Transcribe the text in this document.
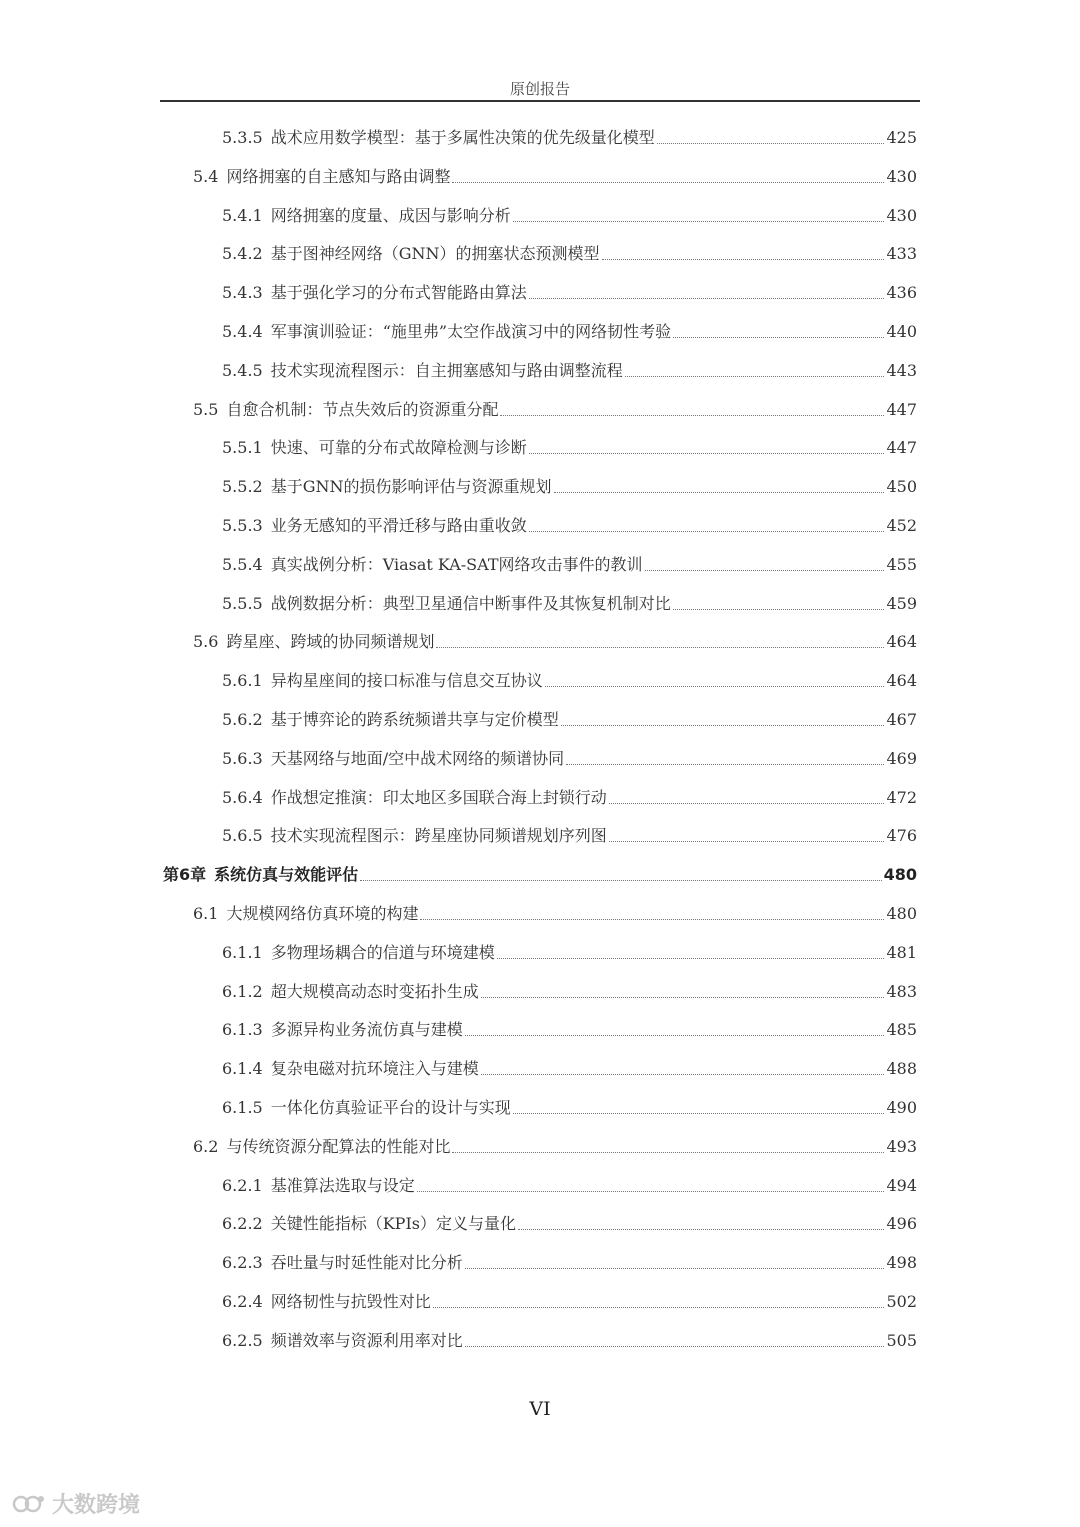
原创报告
5.3.5 战术应用数学模型：基于多属性决策的优先级量化模型	425
5.4 网络拥塞的自主感知与路由调整	430
5.4.1 网络拥塞的度量、成因与影响分析	430
5.4.2 基于图神经网络（GNN）的拥塞状态预测模型	433
5.4.3 基于强化学习的分布式智能路由算法	436
5.4.4 军事演训验证：“施里弗”太空作战演习中的网络韧性考验	440
5.4.5 技术实现流程图示：自主拥塞感知与路由调整流程	443
5.5 自愈合机制：节点失效后的资源重分配	447
5.5.1 快速、可靠的分布式故障检测与诊断	447
5.5.2 基于GNN的损伤影响评估与资源重规划	450
5.5.3 业务无感知的平滑迁移与路由重收敛	452
5.5.4 真实战例分析：Viasat KA-SAT网络攻击事件的教训	455
5.5.5 战例数据分析：典型卫星通信中断事件及其恢复机制对比	459
5.6 跨星座、跨域的协同频谱规划	464
5.6.1 异构星座间的接口标准与信息交互协议	464
5.6.2 基于博弈论的跨系统频谱共享与定价模型	467
5.6.3 天基网络与地面/空中战术网络的频谱协同	469
5.6.4 作战想定推演：印太地区多国联合海上封锁行动	472
5.6.5 技术实现流程图示：跨星座协同频谱规划序列图	476
第6章 系统仿真与效能评估	480
6.1 大规模网络仿真环境的构建	480
6.1.1 多物理场耦合的信道与环境建模	481
6.1.2 超大规模高动态时变拓扑生成	483
6.1.3 多源异构业务流仿真与建模	485
6.1.4 复杂电磁对抗环境注入与建模	488
6.1.5 一体化仿真验证平台的设计与实现	490
6.2 与传统资源分配算法的性能对比	493
6.2.1 基准算法选取与设定	494
6.2.2 关键性能指标（KPIs）定义与量化	496
6.2.3 吞吐量与时延性能对比分析	498
6.2.4 网络韧性与抗毁性对比	502
6.2.5 频谱效率与资源利用率对比	505
VI
大数跨境
